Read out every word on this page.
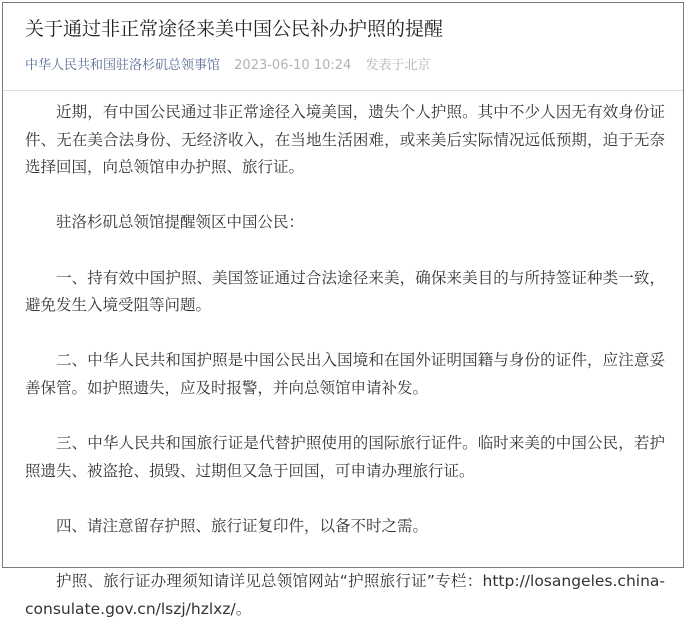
关于通过非正常途径来美中国公民补办护照的提醒
中华人民共和国驻洛杉矶总领事馆 2023-06-10 10:24 发表于北京

近期，有中国公民通过非正常途径入境美国，遗失个人护照。其中不少人因无有效身份证件、无在美合法身份、无经济收入，在当地生活困难，或来美后实际情况远低预期，迫于无奈选择回国，向总领馆申办护照、旅行证。

驻洛杉矶总领馆提醒领区中国公民：

一、持有效中国护照、美国签证通过合法途径来美，确保来美目的与所持签证种类一致，避免发生入境受阻等问题。

二、中华人民共和国护照是中国公民出入国境和在国外证明国籍与身份的证件，应注意妥善保管。如护照遗失，应及时报警，并向总领馆申请补发。

三、中华人民共和国旅行证是代替护照使用的国际旅行证件。临时来美的中国公民，若护照遗失、被盗抢、损毁、过期但又急于回国，可申请办理旅行证。

四、请注意留存护照、旅行证复印件，以备不时之需。

护照、旅行证办理须知请详见总领馆网站“护照旅行证”专栏：http://losangeles.china-consulate.gov.cn/lszj/hzlxz/。
